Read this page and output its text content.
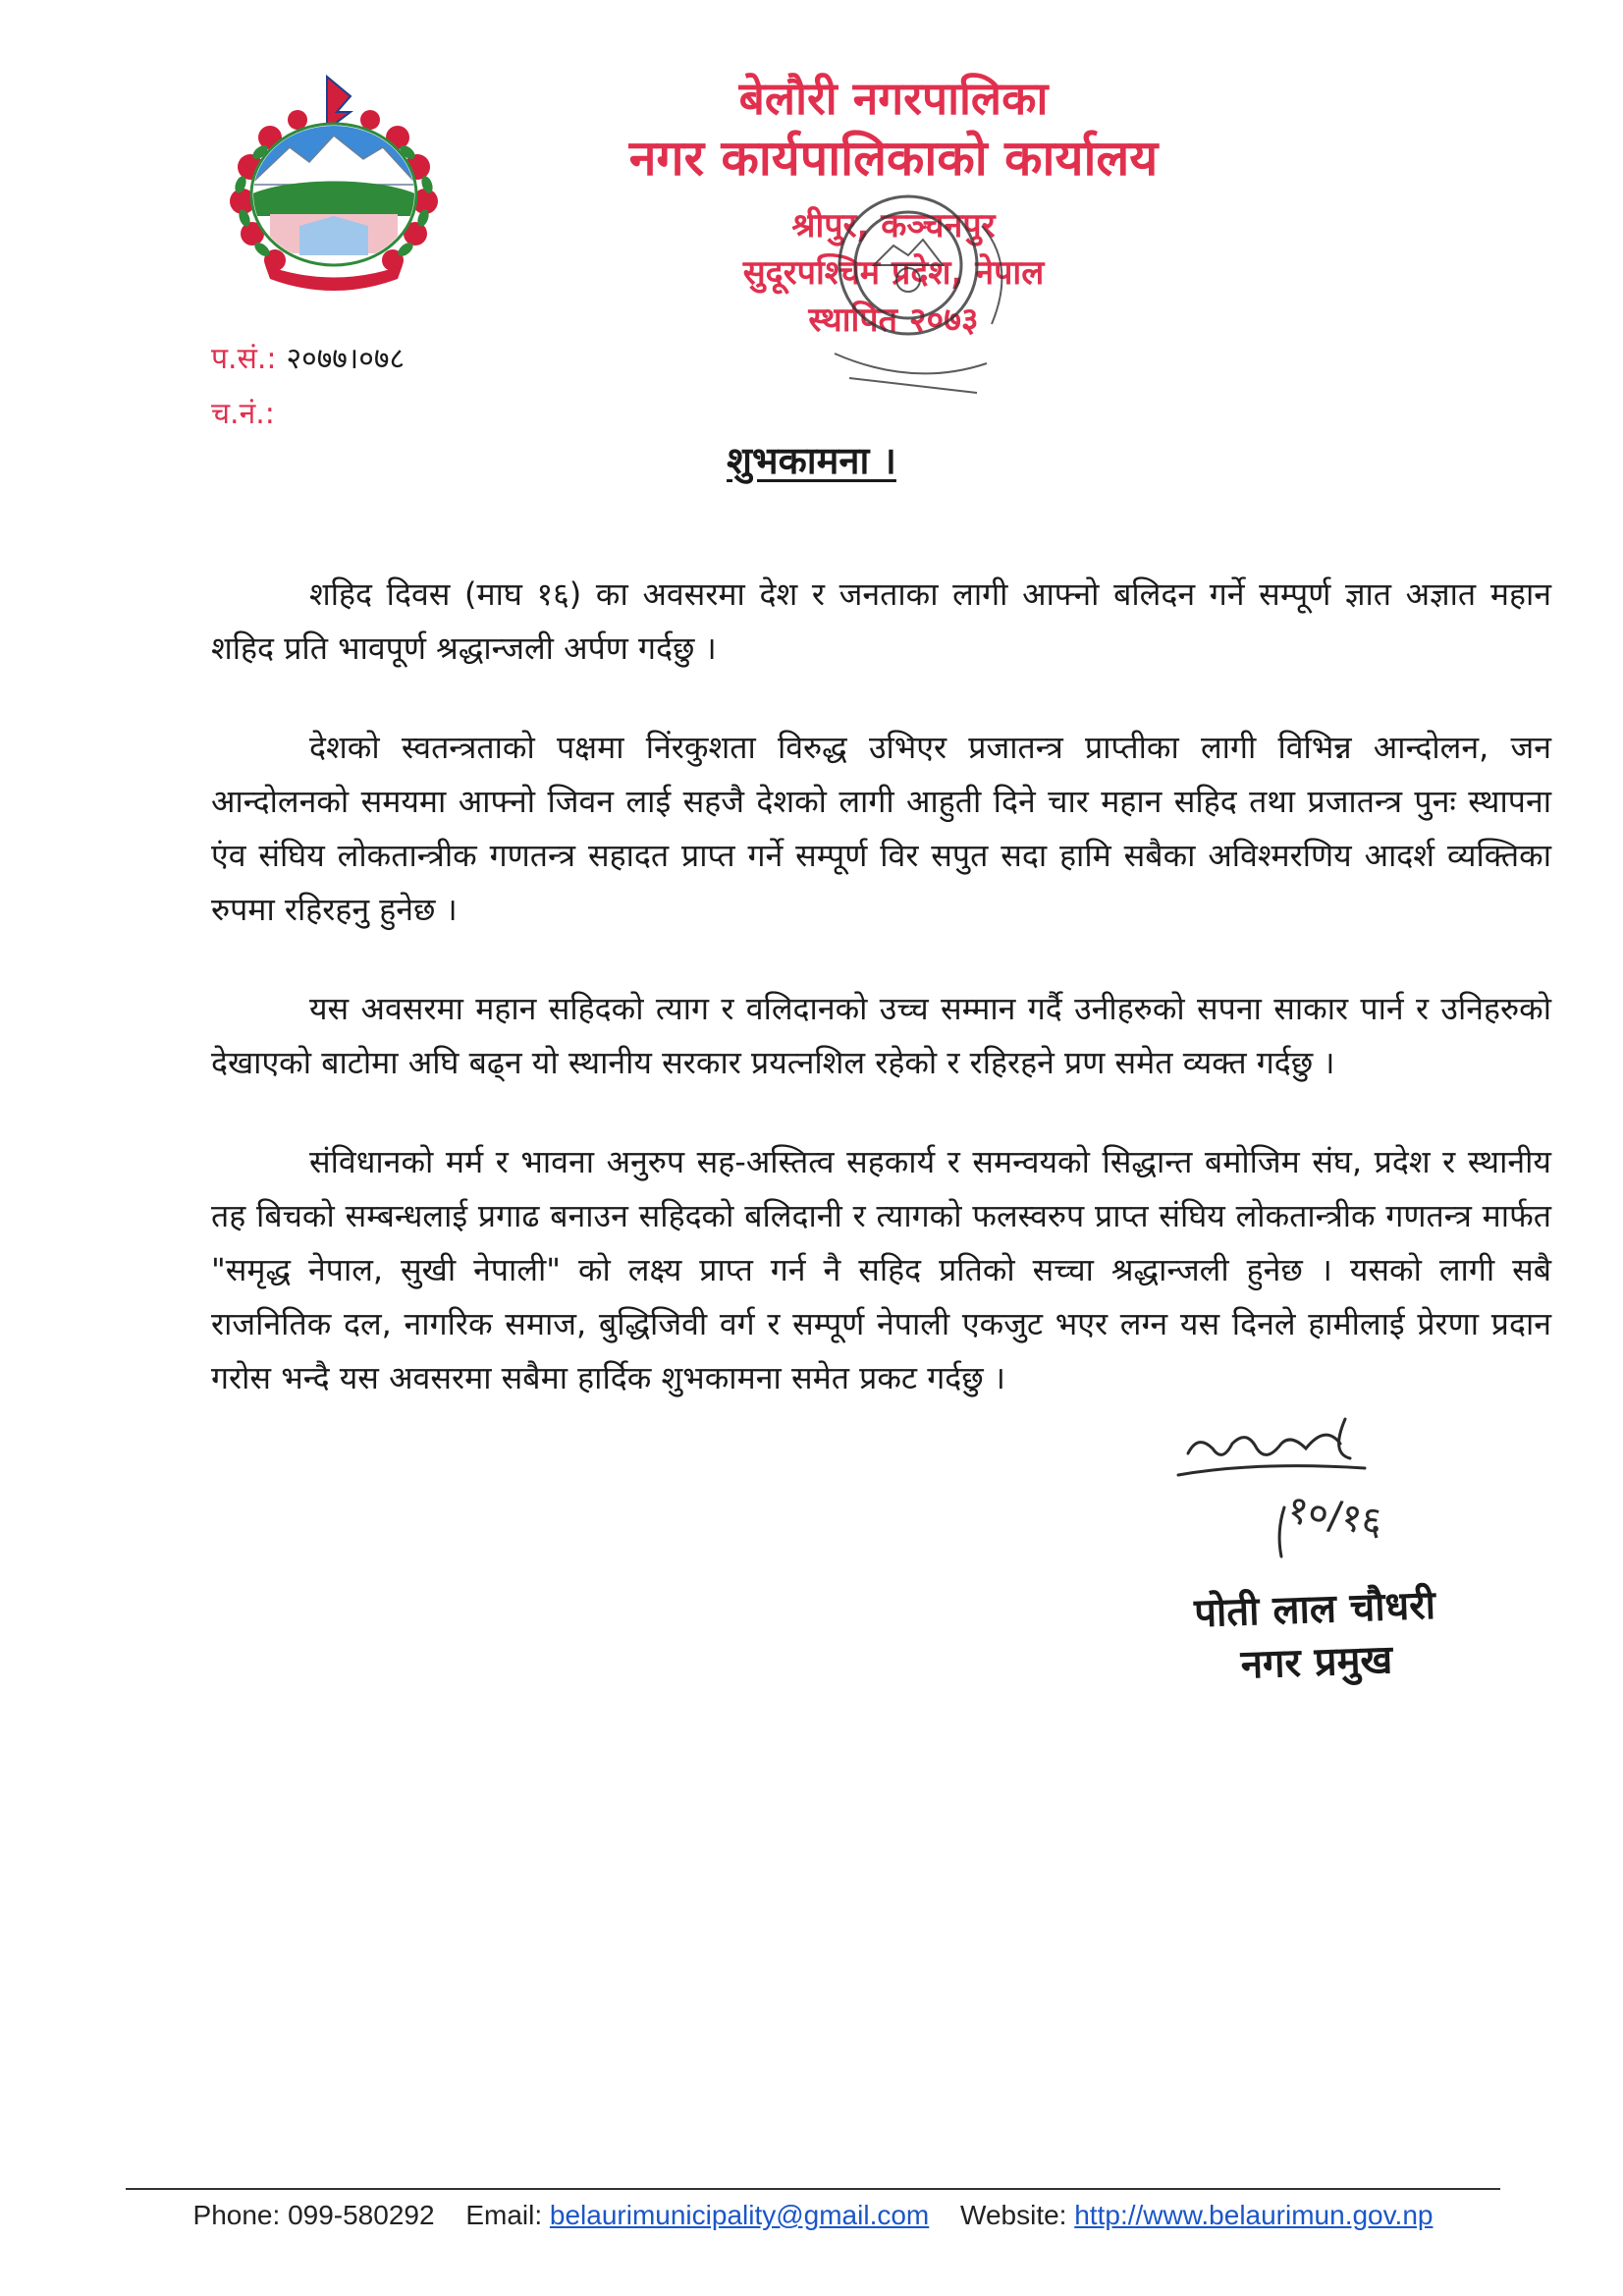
बेलौरी नगरपालिका
नगर कार्यपालिकाको कार्यालय
श्रीपुर, कञ्चनपुर
सुदूरपश्चिम प्रदेश, नेपाल
स्थापित २०७३
प.सं.: २०७७।०७८
च.नं.:
शुभकामना ।

शहिद दिवस (माघ १६) का अवसरमा देश र जनताका लागी आफ्नो बलिदन गर्ने सम्पूर्ण ज्ञात अज्ञात महान शहिद प्रति भावपूर्ण श्रद्धान्जली अर्पण गर्दछु ।

देशको स्वतन्त्रताको पक्षमा निंरकुशता विरुद्ध उभिएर प्रजातन्त्र प्राप्तीका लागी विभिन्न आन्दोलन, जन आन्दोलनको समयमा आफ्नो जिवन लाई सहजै देशको लागी आहुती दिने चार महान सहिद तथा प्रजातन्त्र पुनः स्थापना एंव संघिय लोकतान्त्रीक गणतन्त्र सहादत प्राप्त गर्ने सम्पूर्ण विर सपुत सदा हामि सबैका अविश्मरणिय आदर्श व्यक्तिका रुपमा रहिरहनु हुनेछ ।

यस अवसरमा महान सहिदको त्याग र वलिदानको उच्च सम्मान गर्दै उनीहरुको सपना साकार पार्न र उनिहरुको देखाएको बाटोमा अघि बढ्न यो स्थानीय सरकार प्रयत्नशिल रहेको र रहिरहने प्रण समेत व्यक्त गर्दछु ।

संविधानको मर्म र भावना अनुरुप सह-अस्तित्व सहकार्य र समन्वयको सिद्धान्त बमोजिम संघ, प्रदेश र स्थानीय तह बिचको सम्बन्धलाई प्रगाढ बनाउन सहिदको बलिदानी र त्यागको फलस्वरुप प्राप्त संघिय लोकतान्त्रीक गणतन्त्र मार्फत "समृद्ध नेपाल, सुखी नेपाली" को लक्ष्य प्राप्त गर्न नै सहिद प्रतिको सच्चा श्रद्धान्जली हुनेछ । यसको लागी सबै राजनितिक दल, नागरिक समाज, बुद्धिजिवी वर्ग र सम्पूर्ण नेपाली एकजुट भएर लग्न यस दिनले हामीलाई प्रेरणा प्रदान गरोस भन्दै यस अवसरमा सबैमा हार्दिक शुभकामना समेत प्रकट गर्दछु ।

१०/१६
पोती लाल चौधरी
नगर प्रमुख
Phone: 099-580292 Email: belaurimunicipality@gmail.com Website: http://www.belaurimun.gov.np
